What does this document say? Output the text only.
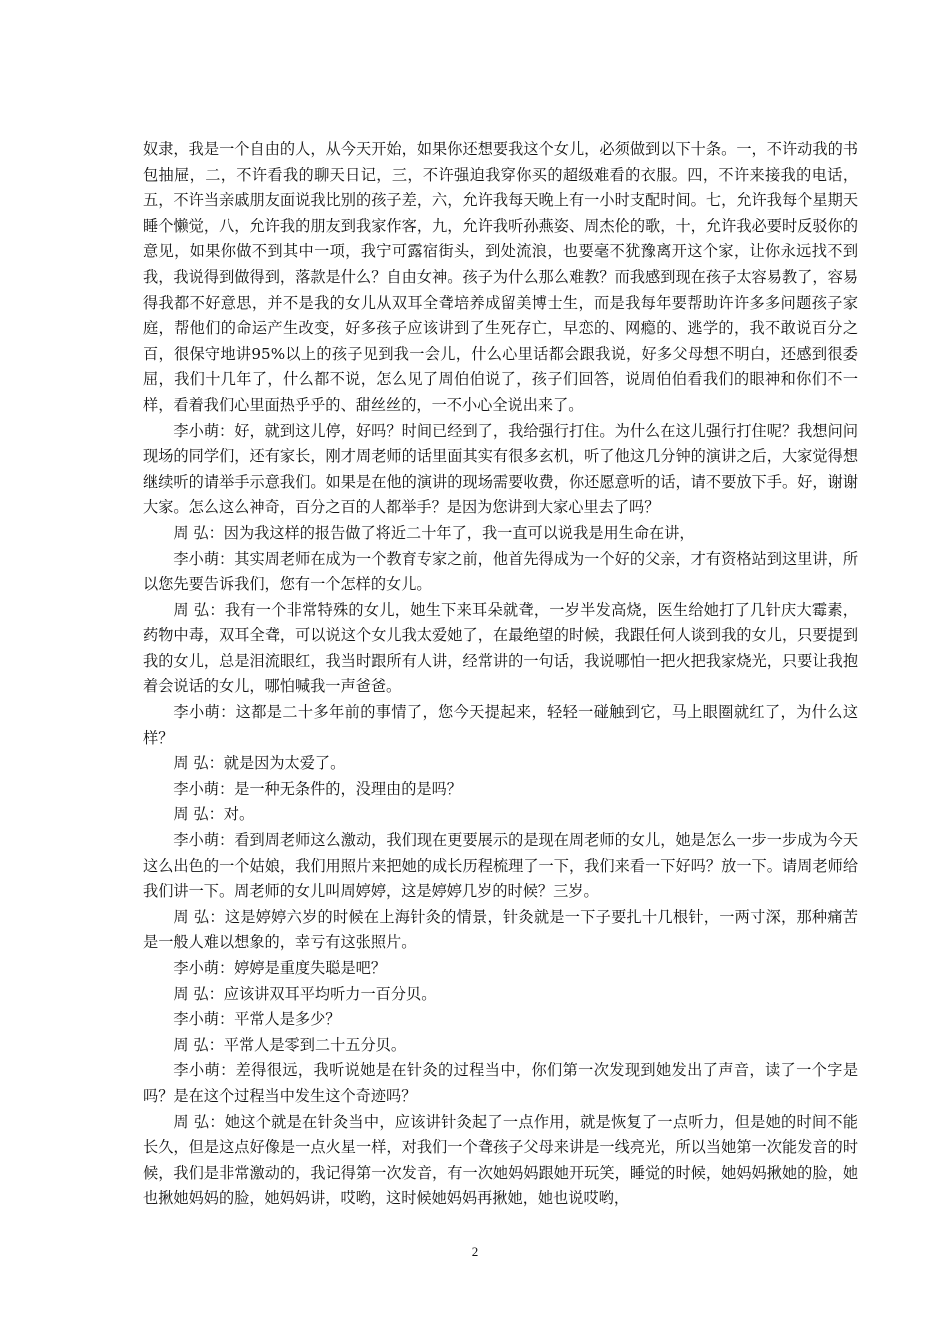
奴隶，我是一个自由的人，从今天开始，如果你还想要我这个女儿，必须做到以下十条。一，不许动我的书包抽屉，二，不许看我的聊天日记，三，不许强迫我穿你买的超级难看的衣服。四，不许来接我的电话，五，不许当亲戚朋友面说我比别的孩子差，六，允许我每天晚上有一小时支配时间。七，允许我每个星期天睡个懒觉，八，允许我的朋友到我家作客，九，允许我听孙燕姿、周杰伦的歌，十，允许我必要时反驳你的意见，如果你做不到其中一项，我宁可露宿街头，到处流浪，也要毫不犹豫离开这个家，让你永远找不到我，我说得到做得到，落款是什么？自由女神。孩子为什么那么难教？而我感到现在孩子太容易教了，容易得我都不好意思，并不是我的女儿从双耳全聋培养成留美博士生，而是我每年要帮助许许多多问题孩子家庭，帮他们的命运产生改变，好多孩子应该讲到了生死存亡，早恋的、网瘾的、逃学的，我不敢说百分之百，很保守地讲95%以上的孩子见到我一会儿，什么心里话都会跟我说，好多父母想不明白，还感到很委屈，我们十几年了，什么都不说，怎么见了周伯伯说了，孩子们回答，说周伯伯看我们的眼神和你们不一样，看着我们心里面热乎乎的、甜丝丝的，一不小心全说出来了。

李小萌：好，就到这儿停，好吗？时间已经到了，我给强行打住。为什么在这儿强行打住呢？我想问问现场的同学们，还有家长，刚才周老师的话里面其实有很多玄机，听了他这几分钟的演讲之后，大家觉得想继续听的请举手示意我们。如果是在他的演讲的现场需要收费，你还愿意听的话，请不要放下手。好，谢谢大家。怎么这么神奇，百分之百的人都举手？是因为您讲到大家心里去了吗？

周 弘：因为我这样的报告做了将近二十年了，我一直可以说我是用生命在讲，

李小萌：其实周老师在成为一个教育专家之前，他首先得成为一个好的父亲，才有资格站到这里讲，所以您先要告诉我们，您有一个怎样的女儿。

周 弘：我有一个非常特殊的女儿，她生下来耳朵就聋，一岁半发高烧，医生给她打了几针庆大霉素，药物中毒，双耳全聋，可以说这个女儿我太爱她了，在最绝望的时候，我跟任何人谈到我的女儿，只要提到我的女儿，总是泪流眼红，我当时跟所有人讲，经常讲的一句话，我说哪怕一把火把我家烧光，只要让我抱着会说话的女儿，哪怕喊我一声爸爸。

李小萌：这都是二十多年前的事情了，您今天提起来，轻轻一碰触到它，马上眼圈就红了，为什么这样？

周 弘：就是因为太爱了。

李小萌：是一种无条件的，没理由的是吗？

周 弘：对。

李小萌：看到周老师这么激动，我们现在更要展示的是现在周老师的女儿，她是怎么一步一步成为今天这么出色的一个姑娘，我们用照片来把她的成长历程梳理了一下，我们来看一下好吗？放一下。请周老师给我们讲一下。周老师的女儿叫周婷婷，这是婷婷几岁的时候？三岁。

周 弘：这是婷婷六岁的时候在上海针灸的情景，针灸就是一下子要扎十几根针，一两寸深，那种痛苦是一般人难以想象的，幸亏有这张照片。

李小萌：婷婷是重度失聪是吧？

周 弘：应该讲双耳平均听力一百分贝。

李小萌：平常人是多少？

周 弘：平常人是零到二十五分贝。

李小萌：差得很远，我听说她是在针灸的过程当中，你们第一次发现到她发出了声音，读了一个字是吗？是在这个过程当中发生这个奇迹吗？

周 弘：她这个就是在针灸当中，应该讲针灸起了一点作用，就是恢复了一点听力，但是她的时间不能长久，但是这点好像是一点火星一样，对我们一个聋孩子父母来讲是一线亮光，所以当她第一次能发音的时候，我们是非常激动的，我记得第一次发音，有一次她妈妈跟她开玩笑，睡觉的时候，她妈妈揪她的脸，她也揪她妈妈的脸，她妈妈讲，哎哟，这时候她妈妈再揪她，她也说哎哟，

2
